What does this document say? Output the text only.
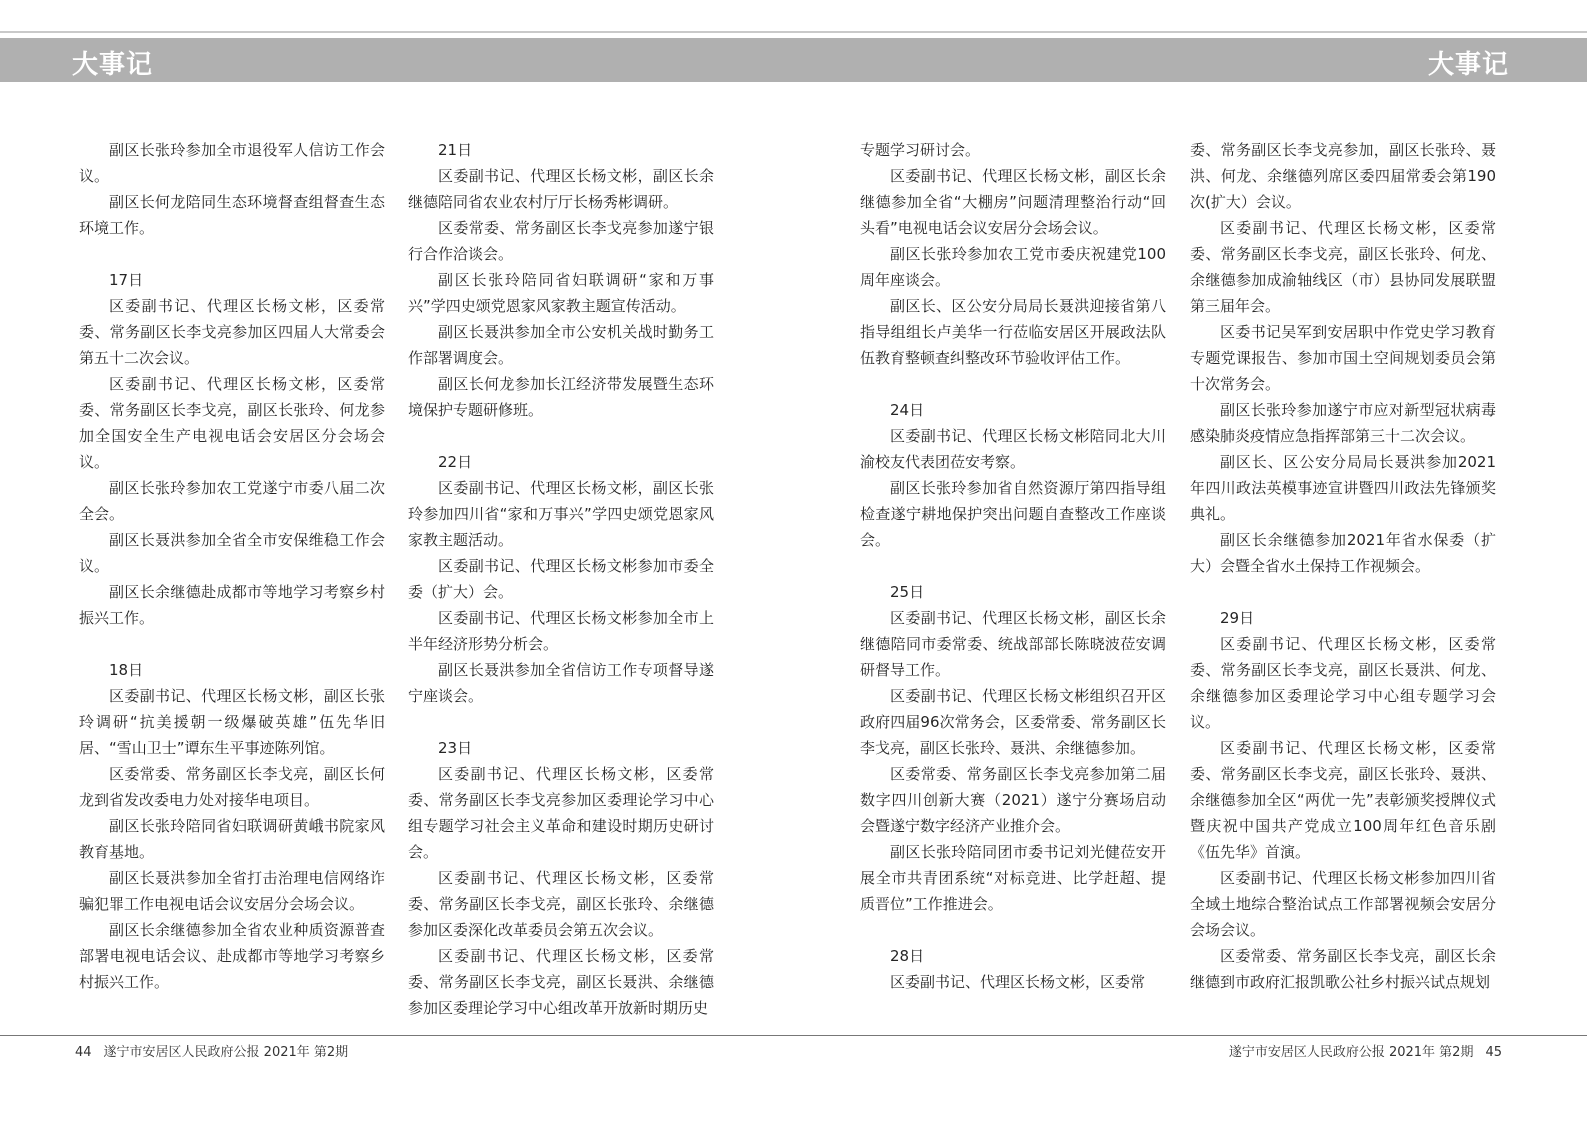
大事记	大事记

副区长张玲参加全市退役军人信访工作会议。

副区长何龙陪同生态环境督查组督查生态环境工作。

17日

区委副书记、代理区长杨文彬，区委常委、常务副区长李戈亮参加区四届人大常委会第五十二次会议。

区委副书记、代理区长杨文彬，区委常委、常务副区长李戈亮，副区长张玲、何龙参加全国安全生产电视电话会安居区分会场会议。

副区长张玲参加农工党遂宁市委八届二次全会。

副区长聂洪参加全省全市安保维稳工作会议。

副区长余继德赴成都市等地学习考察乡村振兴工作。

18日

区委副书记、代理区长杨文彬，副区长张玲调研“抗美援朝一级爆破英雄”伍先华旧居、“雪山卫士”谭东生平事迹陈列馆。

区委常委、常务副区长李戈亮，副区长何龙到省发改委电力处对接华电项目。

副区长张玲陪同省妇联调研黄峨书院家风教育基地。

副区长聂洪参加全省打击治理电信网络诈骗犯罪工作电视电话会议安居分会场会议。

副区长余继德参加全省农业种质资源普查部署电视电话会议、赴成都市等地学习考察乡村振兴工作。

21日

区委副书记、代理区长杨文彬，副区长余继德陪同省农业农村厅厅长杨秀彬调研。

区委常委、常务副区长李戈亮参加遂宁银行合作洽谈会。

副区长张玲陪同省妇联调研“家和万事兴”学四史颂党恩家风家教主题宣传活动。

副区长聂洪参加全市公安机关战时勤务工作部署调度会。

副区长何龙参加长江经济带发展暨生态环境保护专题研修班。

22日

区委副书记、代理区长杨文彬，副区长张玲参加四川省“家和万事兴”学四史颂党恩家风家教主题活动。

区委副书记、代理区长杨文彬参加市委全委（扩大）会。

区委副书记、代理区长杨文彬参加全市上半年经济形势分析会。

副区长聂洪参加全省信访工作专项督导遂宁座谈会。

23日

区委副书记、代理区长杨文彬，区委常委、常务副区长李戈亮参加区委理论学习中心组专题学习社会主义革命和建设时期历史研讨会。

区委副书记、代理区长杨文彬，区委常委、常务副区长李戈亮，副区长张玲、余继德参加区委深化改革委员会第五次会议。

区委副书记、代理区长杨文彬，区委常委、常务副区长李戈亮，副区长聂洪、余继德参加区委理论学习中心组改革开放新时期历史

专题学习研讨会。

区委副书记、代理区长杨文彬，副区长余继德参加全省“大棚房”问题清理整治行动“回头看”电视电话会议安居分会场会议。

副区长张玲参加农工党市委庆祝建党100周年座谈会。

副区长、区公安分局局长聂洪迎接省第八指导组组长卢美华一行莅临安居区开展政法队伍教育整顿查纠整改环节验收评估工作。

24日

区委副书记、代理区长杨文彬陪同北大川渝校友代表团莅安考察。

副区长张玲参加省自然资源厅第四指导组检查遂宁耕地保护突出问题自查整改工作座谈会。

25日

区委副书记、代理区长杨文彬，副区长余继德陪同市委常委、统战部部长陈晓波莅安调研督导工作。

区委副书记、代理区长杨文彬组织召开区政府四届96次常务会，区委常委、常务副区长李戈亮，副区长张玲、聂洪、余继德参加。

区委常委、常务副区长李戈亮参加第二届数字四川创新大赛（2021）遂宁分赛场启动会暨遂宁数字经济产业推介会。

副区长张玲陪同团市委书记刘光健莅安开展全市共青团系统“对标竞进、比学赶超、提质晋位”工作推进会。

28日

区委副书记、代理区长杨文彬，区委常

委、常务副区长李戈亮参加，副区长张玲、聂洪、何龙、余继德列席区委四届常委会第190次(扩大）会议。

区委副书记、代理区长杨文彬，区委常委、常务副区长李戈亮，副区长张玲、何龙、余继德参加成渝轴线区（市）县协同发展联盟第三届年会。

区委书记吴军到安居职中作党史学习教育专题党课报告、参加市国土空间规划委员会第十次常务会。

副区长张玲参加遂宁市应对新型冠状病毒感染肺炎疫情应急指挥部第三十二次会议。

副区长、区公安分局局长聂洪参加2021年四川政法英模事迹宣讲暨四川政法先锋颁奖典礼。

副区长余继德参加2021年省水保委（扩大）会暨全省水土保持工作视频会。

29日

区委副书记、代理区长杨文彬，区委常委、常务副区长李戈亮，副区长聂洪、何龙、余继德参加区委理论学习中心组专题学习会议。

区委副书记、代理区长杨文彬，区委常委、常务副区长李戈亮，副区长张玲、聂洪、余继德参加全区“两优一先”表彰颁奖授牌仪式暨庆祝中国共产党成立100周年红色音乐剧《伍先华》首演。

区委副书记、代理区长杨文彬参加四川省全域土地综合整治试点工作部署视频会安居分会场会议。

区委常委、常务副区长李戈亮，副区长余继德到市政府汇报凯歌公社乡村振兴试点规划

44 遂宁市安居区人民政府公报 2021年 第2期	遂宁市安居区人民政府公报 2021年 第2期 45
